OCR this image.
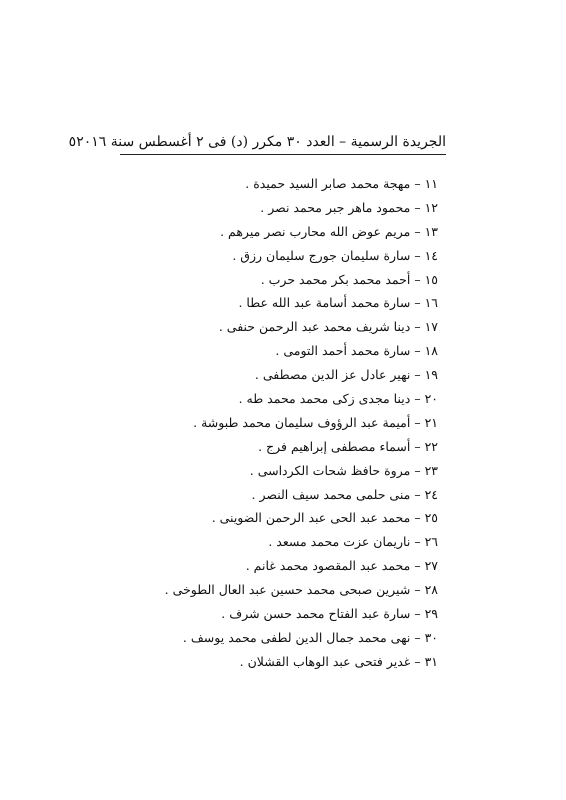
الجريدة الرسمية – العدد ٣٠ مكرر (د) فى ٢ أغسطس سنة ٢٠١٦
٥
١١–مهجة محمد صابر السيد حميدة .
١٢–محمود ماهر جبر محمد نصر .
١٣–مريم عوض الله محارب نصر ميرهم .
١٤–سارة سليمان جورج سليمان رزق .
١٥–أحمد محمد بكر محمد حرب .
١٦–سارة محمد أسامة عبد الله عطا .
١٧–دينا شريف محمد عبد الرحمن حنفى .
١٨–سارة محمد أحمد التومى .
١٩–نهير عادل عز الدين مصطفى .
٢٠–دينا مجدى زكى محمد محمد طه .
٢١–أميمة عبد الرؤوف سليمان محمد طبوشة .
٢٢–أسماء مصطفى إبراهيم فرج .
٢٣–مروة حافظ شحات الكرداسى .
٢٤–منى حلمى محمد سيف النصر .
٢٥–محمد عبد الحى عبد الرحمن الضوينى .
٢٦–ناريمان عزت محمد مسعد .
٢٧–محمد عبد المقصود محمد غانم .
٢٨–شيرين صبحى محمد حسين عبد العال الطوخى .
٢٩–سارة عبد الفتاح محمد حسن شرف .
٣٠–نهى محمد جمال الدين لطفى محمد يوسف .
٣١–غدير فتحى عبد الوهاب القشلان .
